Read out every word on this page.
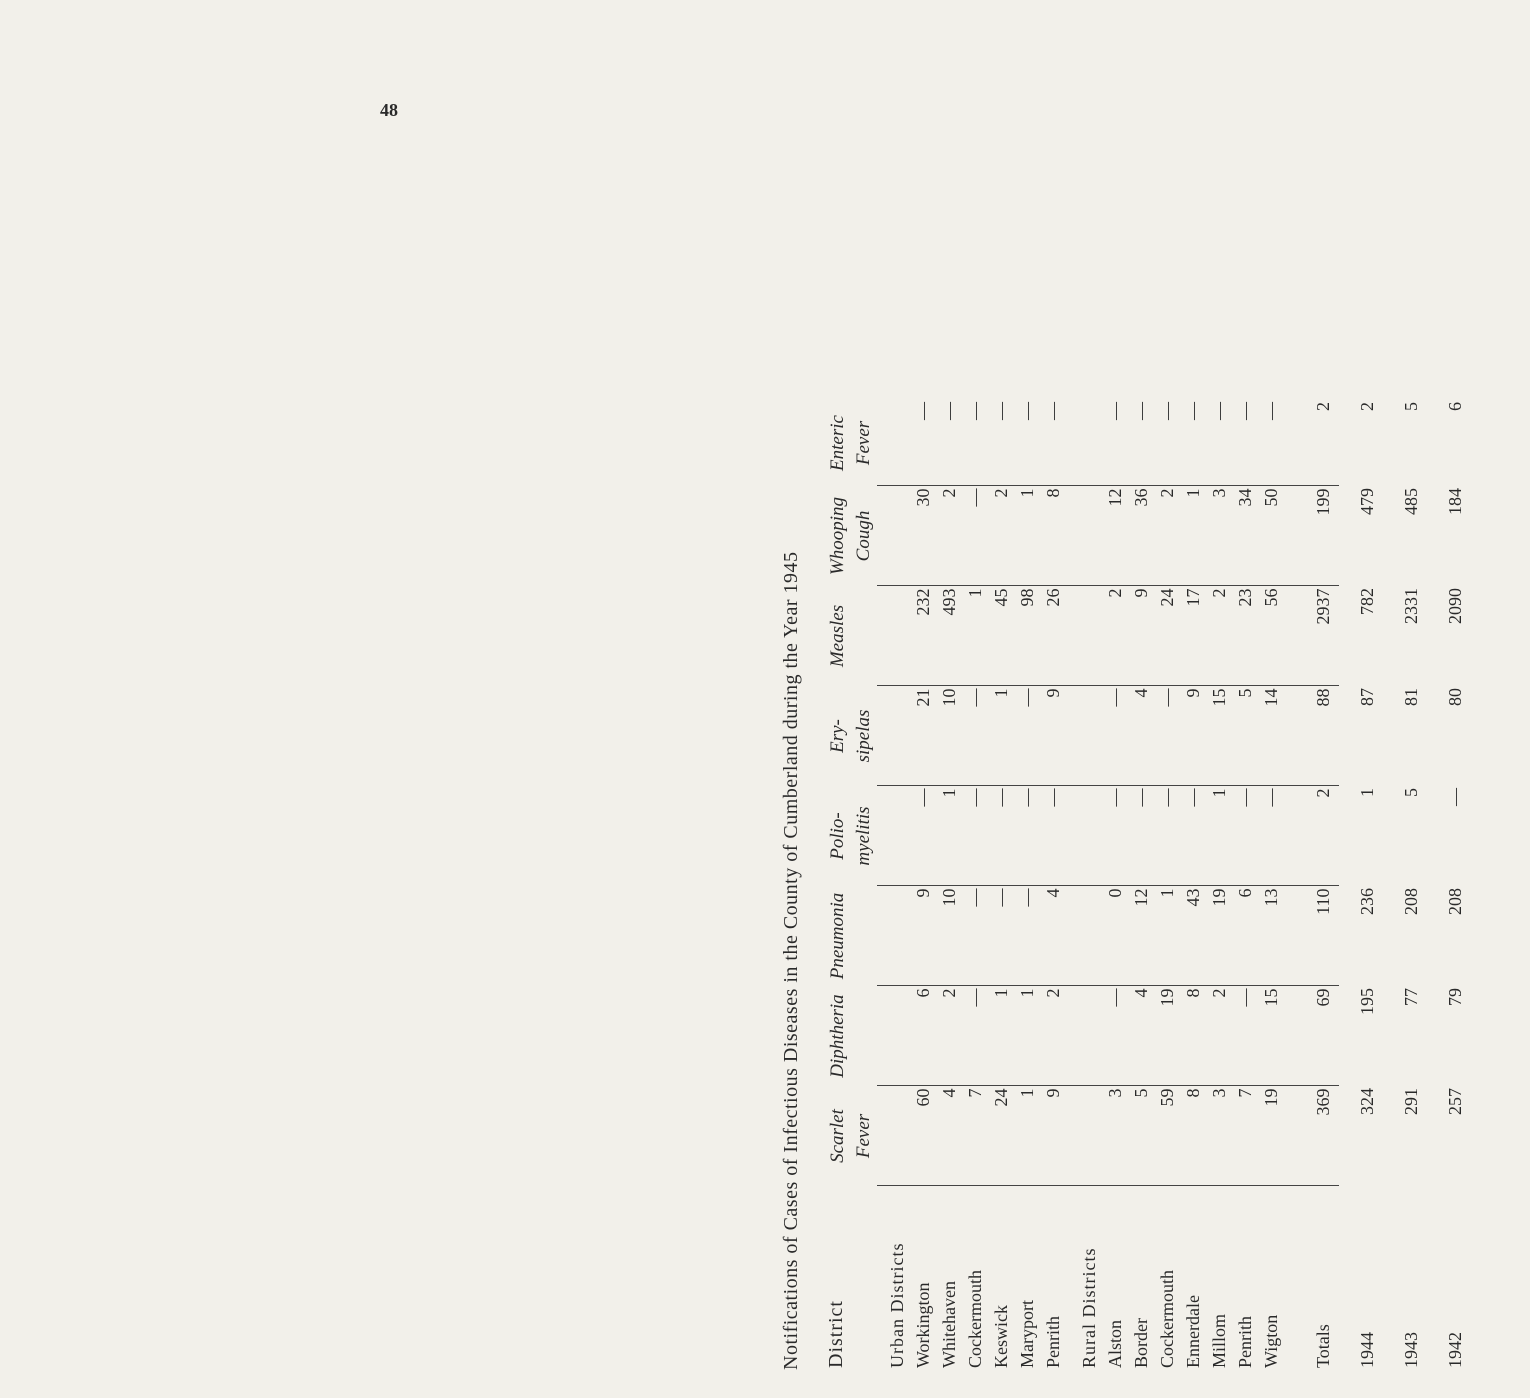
48
Notifications of Cases of Infectious Diseases in the County of Cumberland during the Year 1945 District	Scarlet Fever	Diphtheria	Pneumonia	Polio- myelitis	Ery- sipelas	Measles	Whooping Cough	Enteric Fever
Urban Districts								
Workington	60	6	9	—	21	232	30	—
Whitehaven	4	2	10	1	10	493	2	—
Cockermouth	7	—	—	—	—	1	—	—
Keswick	24	1	—	—	1	45	2	—
Maryport	1	1	—	—	—	98	1	—
Penrith	9	2	4	—	9	26	8	—
Rural Districts								
Alston	3	—	0	—	—	2	12	—
Border	5	4	12	—	4	9	36	—
Cockermouth	59	19	1	—	—	24	2	—
Ennerdale	8	8	43	—	9	17	1	—
Millom	3	2	19	1	15	2	3	—
Penrith	7	—	6	—	5	23	34	—
Wigton	19	15	13	—	14	56	50	—
Totals	369	69	110	2	88	2937	199	2
1944	324	195	236	1	87	782	479	2
1943	291	77	208	5	81	2331	485	5
1942	257	79	208	—	80	2090	184	6
